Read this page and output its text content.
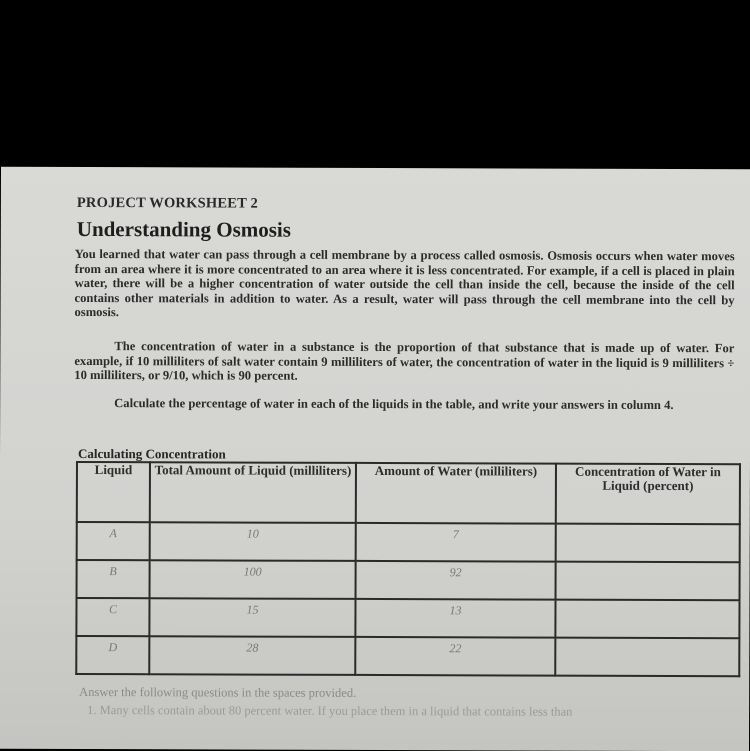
PROJECT WORKSHEET 2
Understanding Osmosis
You learned that water can pass through a cell membrane by a process called osmosis. Osmosis occurs when water moves from an area where it is more concentrated to an area where it is less concentrated. For example, if a cell is placed in plain water, there will be a higher concentration of water outside the cell than inside the cell, because the inside of the cell contains other materials in addition to water. As a result, water will pass through the cell membrane into the cell by osmosis.
The concentration of water in a substance is the proportion of that substance that is made up of water. For example, if 10 milliliters of salt water contain 9 milliliters of water, the concentration of water in the liquid is 9 milliliters ÷ 10 milliliters, or 9/10, which is 90 percent.
Calculate the percentage of water in each of the liquids in the table, and write your answers in column 4.
Calculating Concentration
Liquid	Total Amount of Liquid (milliliters)	Amount of Water (milliliters)	Concentration of Water in Liquid (percent)
A	10	7	
B	100	92	
C	15	13	
D	28	22	
Answer the following questions in the spaces provided.
1. Many cells contain about 80 percent water. If you place them in a liquid that contains less than
